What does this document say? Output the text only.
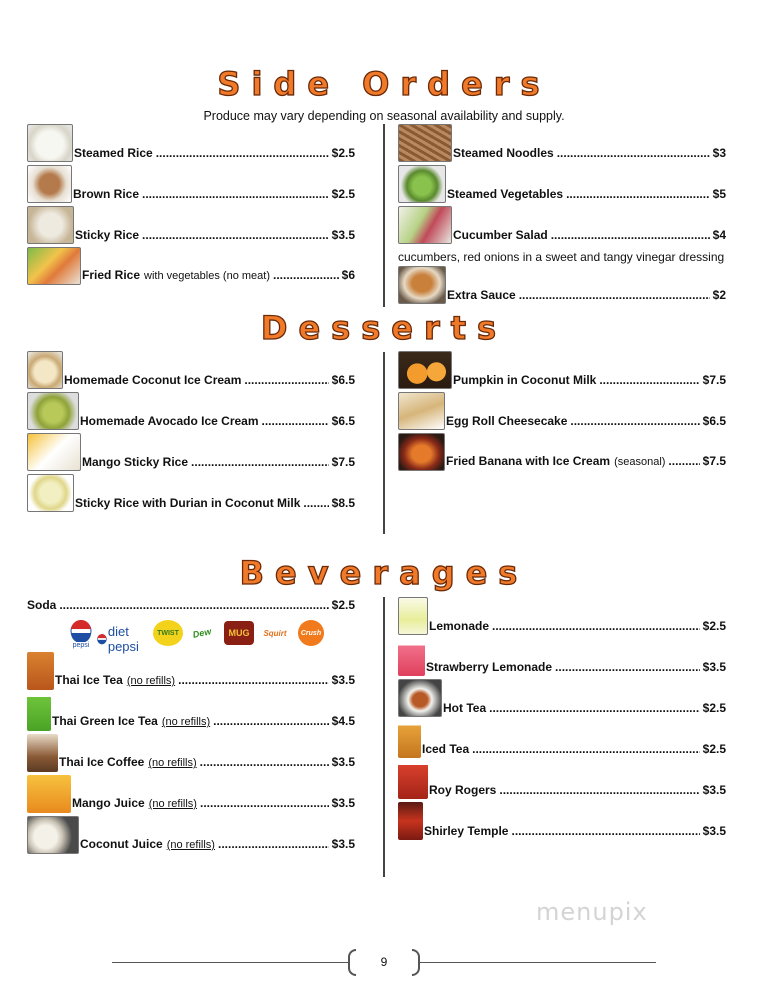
Side Orders
Produce may vary depending on seasonal availability and supply.
Steamed Rice .....	$2.5
Brown Rice .....	$2.5
Sticky Rice .....	$3.5
Fried Rice with vegetables (no meat) .....	$6
Steamed Noodles .....	$3
Steamed Vegetables .....	$5
Cucumber Salad .....	$4
cucumbers, red onions in a sweet and tangy vinegar dressing
Extra Sauce .....	$2
Desserts
Homemade Coconut Ice Cream .....	$6.5
Homemade Avocado Ice Cream .....	$6.5
Mango Sticky Rice .....	$7.5
Sticky Rice with Durian in Coconut Milk .....	$8.5
Pumpkin in Coconut Milk .....	$7.5
Egg Roll Cheesecake .....	$6.5
Fried Banana with Ice Cream (seasonal) .....	$7.5
Beverages
Soda .....	$2.5
pepsi
diet pepsi
TWIST Dew MUG Squirt Crush
Thai Ice Tea (no refills) .....	$3.5
Thai Green Ice Tea (no refills) .....	$4.5
Thai Ice Coffee (no refills) .....	$3.5
Mango Juice (no refills) .....	$3.5
Coconut Juice (no refills) .....	$3.5
Lemonade .....	$2.5
Strawberry Lemonade .....	$3.5
Hot Tea .....	$2.5
Iced Tea .....	$2.5
Roy Rogers .....	$3.5
Shirley Temple .....	$3.5
menupix
9
